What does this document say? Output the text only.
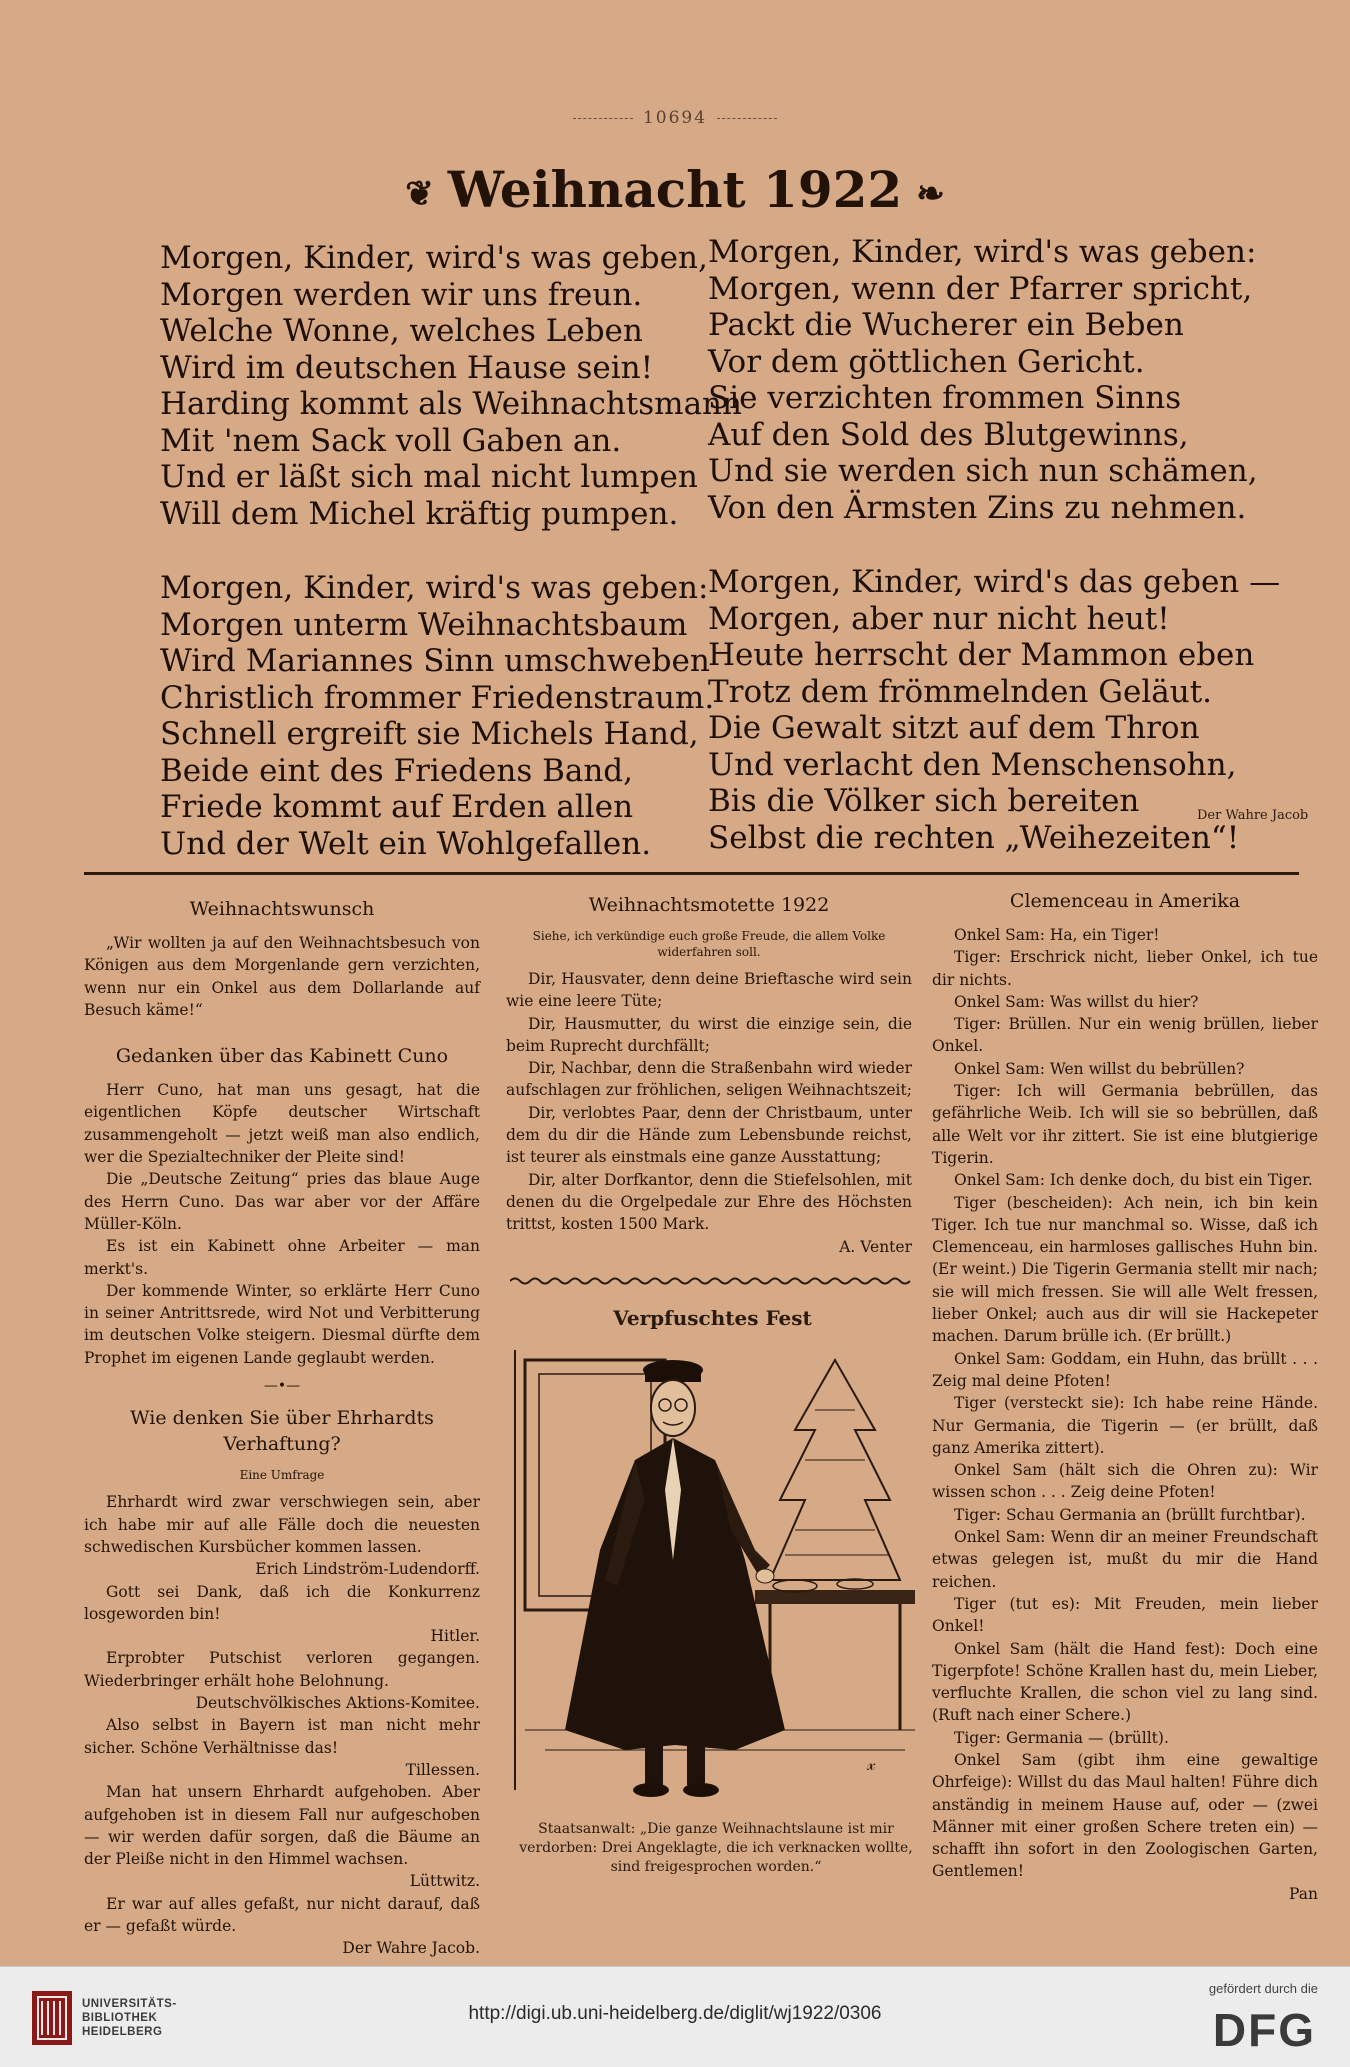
10694
❦ Weihnacht 1922 ❧
Morgen, Kinder, wird's was geben,
Morgen werden wir uns freun.
Welche Wonne, welches Leben
Wird im deutschen Hause sein!
Harding kommt als Weihnachtsmann
Mit 'nem Sack voll Gaben an.
Und er läßt sich mal nicht lumpen
Will dem Michel kräftig pumpen.
Morgen, Kinder, wird's was geben:
Morgen unterm Weihnachtsbaum
Wird Mariannes Sinn umschweben
Christlich frommer Friedenstraum.
Schnell ergreift sie Michels Hand,
Beide eint des Friedens Band,
Friede kommt auf Erden allen
Und der Welt ein Wohlgefallen.
Morgen, Kinder, wird's was geben:
Morgen, wenn der Pfarrer spricht,
Packt die Wucherer ein Beben
Vor dem göttlichen Gericht.
Sie verzichten frommen Sinns
Auf den Sold des Blutgewinns,
Und sie werden sich nun schämen,
Von den Ärmsten Zins zu nehmen.
Morgen, Kinder, wird's das geben —
Morgen, aber nur nicht heut!
Heute herrscht der Mammon eben
Trotz dem frömmelnden Geläut.
Die Gewalt sitzt auf dem Thron
Und verlacht den Menschensohn,
Bis die Völker sich bereiten
Selbst die rechten „Weihezeiten“!
Der Wahre Jacob
Weihnachtswunsch

„Wir wollten ja auf den Weihnachtsbesuch von Königen aus dem Morgenlande gern verzichten, wenn nur ein Onkel aus dem Dollarlande auf Besuch käme!“

Gedanken über das Kabinett Cuno

Herr Cuno, hat man uns gesagt, hat die eigentlichen Köpfe deutscher Wirtschaft zusammengeholt — jetzt weiß man also endlich, wer die Spezialtechniker der Pleite sind!

Die „Deutsche Zeitung“ pries das blaue Auge des Herrn Cuno. Das war aber vor der Affäre Müller-Köln.

Es ist ein Kabinett ohne Arbeiter — man merkt's.

Der kommende Winter, so erklärte Herr Cuno in seiner Antrittsrede, wird Not und Verbitterung im deutschen Volke steigern. Diesmal dürfte dem Prophet im eigenen Lande geglaubt werden.

—•—
Wie denken Sie über Ehrhardts Verhaftung?
Eine Umfrage

Ehrhardt wird zwar verschwiegen sein, aber ich habe mir auf alle Fälle doch die neuesten schwedischen Kursbücher kommen lassen.

Erich Lindström-Ludendorff.

Gott sei Dank, daß ich die Konkurrenz losgeworden bin!

Hitler.

Erprobter Putschist verloren gegangen. Wiederbringer erhält hohe Belohnung.

Deutschvölkisches Aktions-Komitee.

Also selbst in Bayern ist man nicht mehr sicher. Schöne Verhältnisse das!

Tillessen.

Man hat unsern Ehrhardt aufgehoben. Aber aufgehoben ist in diesem Fall nur aufgeschoben — wir werden dafür sorgen, daß die Bäume an der Pleiße nicht in den Himmel wachsen.

Lüttwitz.

Er war auf alles gefaßt, nur nicht darauf, daß er — gefaßt würde.

Der Wahre Jacob.
Weihnachtsmotette 1922
Siehe, ich verkündige euch große Freude, die allem Volke widerfahren soll.

Dir, Hausvater, denn deine Brieftasche wird sein wie eine leere Tüte;

Dir, Hausmutter, du wirst die einzige sein, die beim Ruprecht durchfällt;

Dir, Nachbar, denn die Straßenbahn wird wieder aufschlagen zur fröhlichen, seligen Weihnachtszeit;

Dir, verlobtes Paar, denn der Christbaum, unter dem du dir die Hände zum Lebensbunde reichst, ist teurer als einstmals eine ganze Ausstattung;

Dir, alter Dorfkantor, denn die Stiefelsohlen, mit denen du die Orgelpedale zur Ehre des Höchsten trittst, kosten 1500 Mark.

A. Venter
Verpfuschtes Fest
𝓍
Staatsanwalt: „Die ganze Weihnachtslaune ist mir verdorben: Drei Angeklagte, die ich verknacken wollte, sind freigesprochen worden.“
Clemenceau in Amerika

Onkel Sam: Ha, ein Tiger!

Tiger: Erschrick nicht, lieber Onkel, ich tue dir nichts.

Onkel Sam: Was willst du hier?

Tiger: Brüllen. Nur ein wenig brüllen, lieber Onkel.

Onkel Sam: Wen willst du bebrüllen?

Tiger: Ich will Germania bebrüllen, das gefährliche Weib. Ich will sie so bebrüllen, daß alle Welt vor ihr zittert. Sie ist eine blutgierige Tigerin.

Onkel Sam: Ich denke doch, du bist ein Tiger.

Tiger (bescheiden): Ach nein, ich bin kein Tiger. Ich tue nur manchmal so. Wisse, daß ich Clemenceau, ein harmloses gallisches Huhn bin. (Er weint.) Die Tigerin Germania stellt mir nach; sie will mich fressen. Sie will alle Welt fressen, lieber Onkel; auch aus dir will sie Hackepeter machen. Darum brülle ich. (Er brüllt.)

Onkel Sam: Goddam, ein Huhn, das brüllt . . . Zeig mal deine Pfoten!

Tiger (versteckt sie): Ich habe reine Hände. Nur Germania, die Tigerin — (er brüllt, daß ganz Amerika zittert).

Onkel Sam (hält sich die Ohren zu): Wir wissen schon . . . Zeig deine Pfoten!

Tiger: Schau Germania an (brüllt furchtbar).

Onkel Sam: Wenn dir an meiner Freundschaft etwas gelegen ist, mußt du mir die Hand reichen.

Tiger (tut es): Mit Freuden, mein lieber Onkel!

Onkel Sam (hält die Hand fest): Doch eine Tigerpfote! Schöne Krallen hast du, mein Lieber, verfluchte Krallen, die schon viel zu lang sind. (Ruft nach einer Schere.)

Tiger: Germania — (brüllt).

Onkel Sam (gibt ihm eine gewaltige Ohrfeige): Willst du das Maul halten! Führe dich anständig in meinem Hause auf, oder — (zwei Männer mit einer großen Schere treten ein) — schafft ihn sofort in den Zoologischen Garten, Gentlemen!

Pan
UNIVERSITÄTS-
BIBLIOTHEK
HEIDELBERG
http://digi.ub.uni-heidelberg.de/diglit/wj1922/0306
gefördert durch die
DFG
